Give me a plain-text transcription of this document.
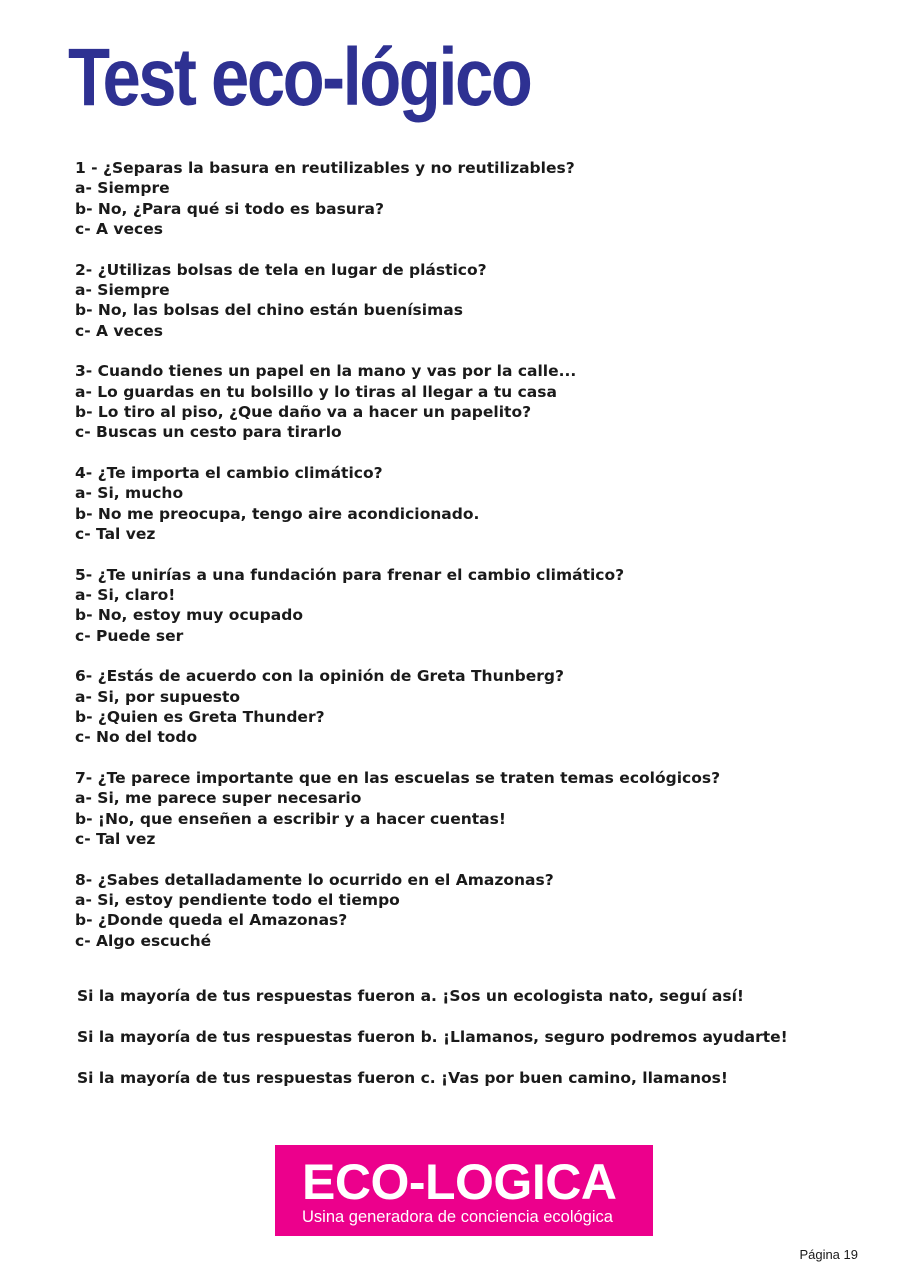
Test eco-lógico
1 - ¿Separas la basura en reutilizables y no reutilizables?
a- Siempre
b- No, ¿Para qué si todo es basura?
c- A veces
2- ¿Utilizas bolsas de tela en lugar de plástico?
a- Siempre
b- No, las bolsas del chino están buenísimas
c- A veces
3- Cuando tienes un papel en la mano y vas por la calle...
a- Lo guardas en tu bolsillo y lo tiras al llegar a tu casa
b- Lo tiro al piso, ¿Que daño va a hacer un papelito?
c- Buscas un cesto para tirarlo
4- ¿Te importa el cambio climático?
a- Si, mucho
b- No me preocupa, tengo aire acondicionado.
c- Tal vez
5- ¿Te unirías a una fundación para frenar el cambio climático?
a- Si, claro!
b- No, estoy muy ocupado
c- Puede ser
6- ¿Estás de acuerdo con la opinión de Greta Thunberg?
a- Si, por supuesto
b- ¿Quien es Greta Thunder?
c- No del todo
7- ¿Te parece importante que en las escuelas se traten temas ecológicos?
a- Si, me parece super necesario
b- ¡No, que enseñen a escribir y a hacer cuentas!
c- Tal vez
8- ¿Sabes detalladamente lo ocurrido en el Amazonas?
a- Si, estoy pendiente todo el tiempo
b- ¿Donde queda el Amazonas?
c- Algo escuché
Si la mayoría de tus respuestas fueron a. ¡Sos un ecologista nato, seguí así!
Si la mayoría de tus respuestas fueron b. ¡Llamanos, seguro podremos ayudarte!
Si la mayoría de tus respuestas fueron c. ¡Vas por buen camino, llamanos!
ECO-LOGICA
Usina generadora de conciencia ecológica
Página 19
